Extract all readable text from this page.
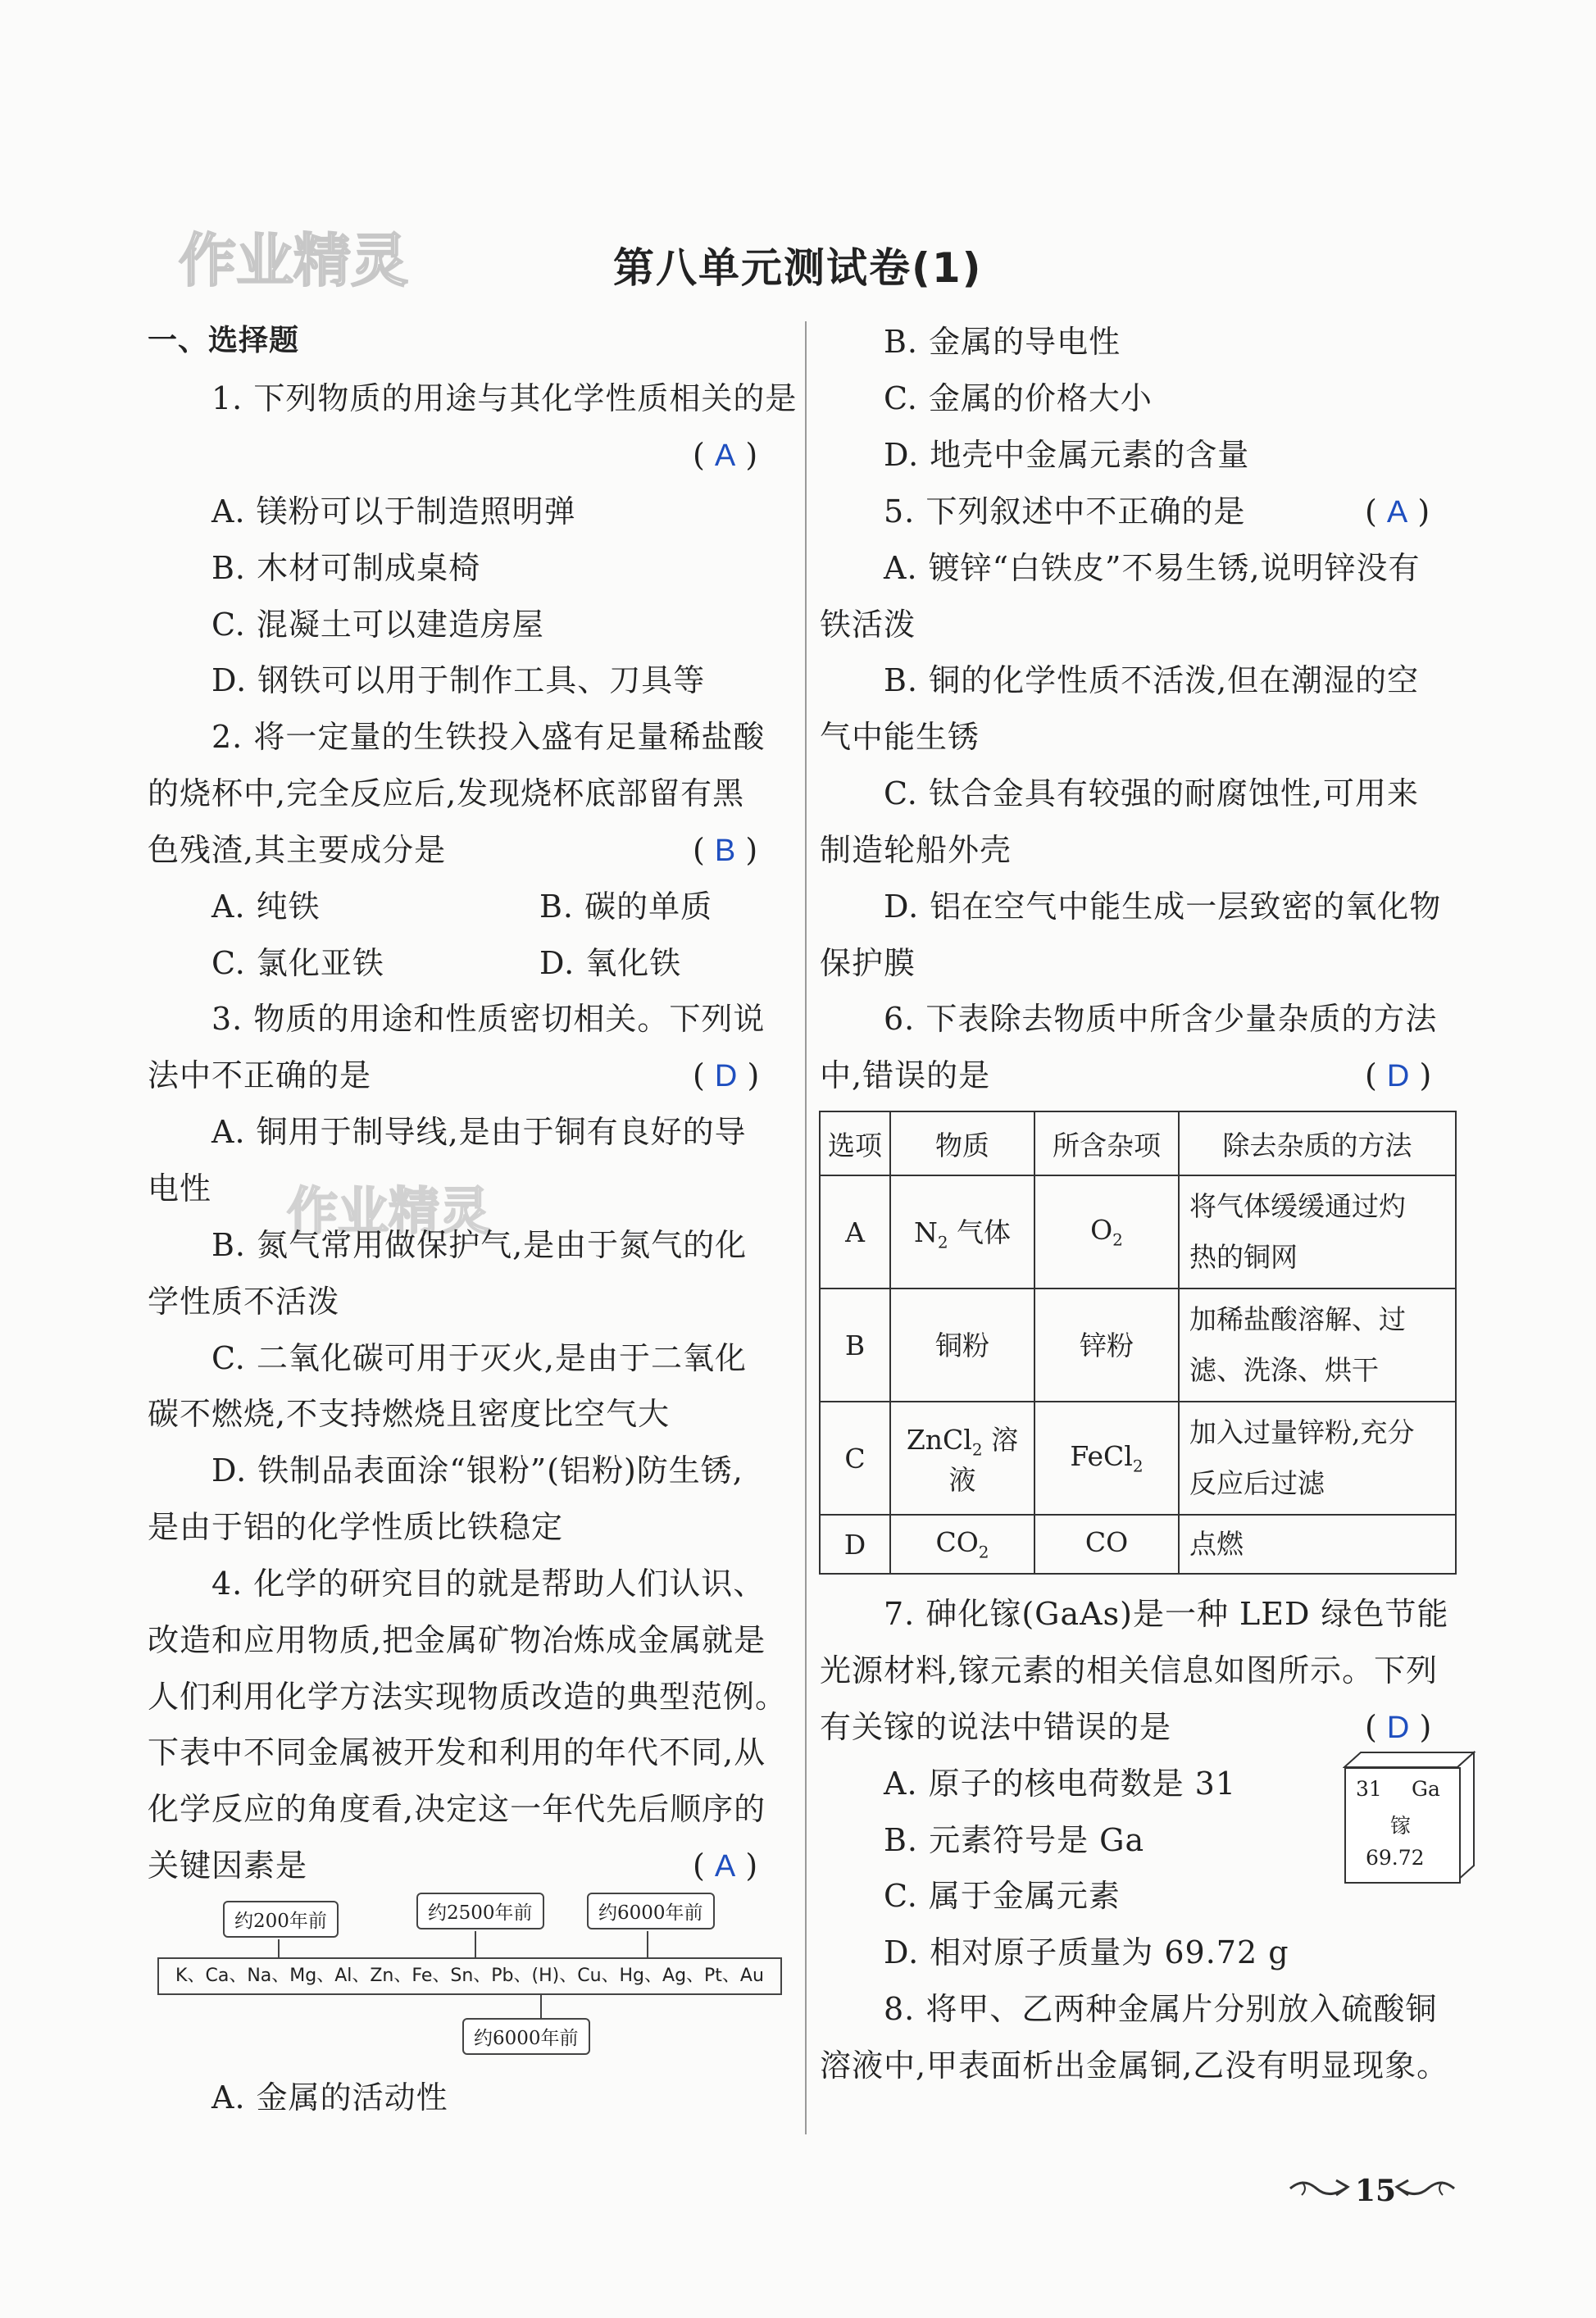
作业精灵
作业精灵
第八单元测试卷(1)
一、选择题
1. 下列物质的用途与其化学性质相关的是
( A )
A. 镁粉可以于制造照明弹
B. 木材可制成桌椅
C. 混凝土可以建造房屋
D. 钢铁可以用于制作工具、刀具等
2. 将一定量的生铁投入盛有足量稀盐酸
的烧杯中,完全反应后,发现烧杯底部留有黑
色残渣,其主要成分是	( B )
A. 纯铁	B. 碳的单质
C. 氯化亚铁	D. 氧化铁
3. 物质的用途和性质密切相关。下列说
法中不正确的是	( D )
A. 铜用于制导线,是由于铜有良好的导
电性
B. 氮气常用做保护气,是由于氮气的化
学性质不活泼
C. 二氧化碳可用于灭火,是由于二氧化
碳不燃烧,不支持燃烧且密度比空气大
D. 铁制品表面涂“银粉”(铝粉)防生锈,
是由于铝的化学性质比铁稳定
4. 化学的研究目的就是帮助人们认识、
改造和应用物质,把金属矿物冶炼成金属就是
人们利用化学方法实现物质改造的典型范例。
下表中不同金属被开发和利用的年代不同,从
化学反应的角度看,决定这一年代先后顺序的
关键因素是	( A )
约200年前	约2500年前	约6000年前
K、Ca、Na、Mg、Al、Zn、Fe、Sn、Pb、(H)、Cu、Hg、Ag、Pt、Au
约6000年前
A. 金属的活动性
B. 金属的导电性
C. 金属的价格大小
D. 地壳中金属元素的含量
5. 下列叙述中不正确的是	( A )
A. 镀锌“白铁皮”不易生锈,说明锌没有
铁活泼
B. 铜的化学性质不活泼,但在潮湿的空
气中能生锈
C. 钛合金具有较强的耐腐蚀性,可用来
制造轮船外壳
D. 铝在空气中能生成一层致密的氧化物
保护膜
6. 下表除去物质中所含少量杂质的方法
中,错误的是	( D )
选项	物质	所含杂项	除去杂质的方法
A	$N_2$ 气体	$O_2$	将气体缓缓通过灼
热的铜网
B	铜粉	锌粉	加稀盐酸溶解、过
滤、洗涤、烘干
C	ZnCl$_2$ 溶液	FeCl$_2$	加入过量锌粉,充分
反应后过滤
D	$CO_2$	CO	点燃
7. 砷化镓(GaAs)是一种 LED 绿色节能
光源材料,镓元素的相关信息如图所示。下列
有关镓的说法中错误的是	( D )
A. 原子的核电荷数是 31
B. 元素符号是 Ga
C. 属于金属元素
D. 相对原子质量为 69.72 g
31 Ga
镓
69.72
8. 将甲、乙两种金属片分别放入硫酸铜
溶液中,甲表面析出金属铜,乙没有明显现象。
15
